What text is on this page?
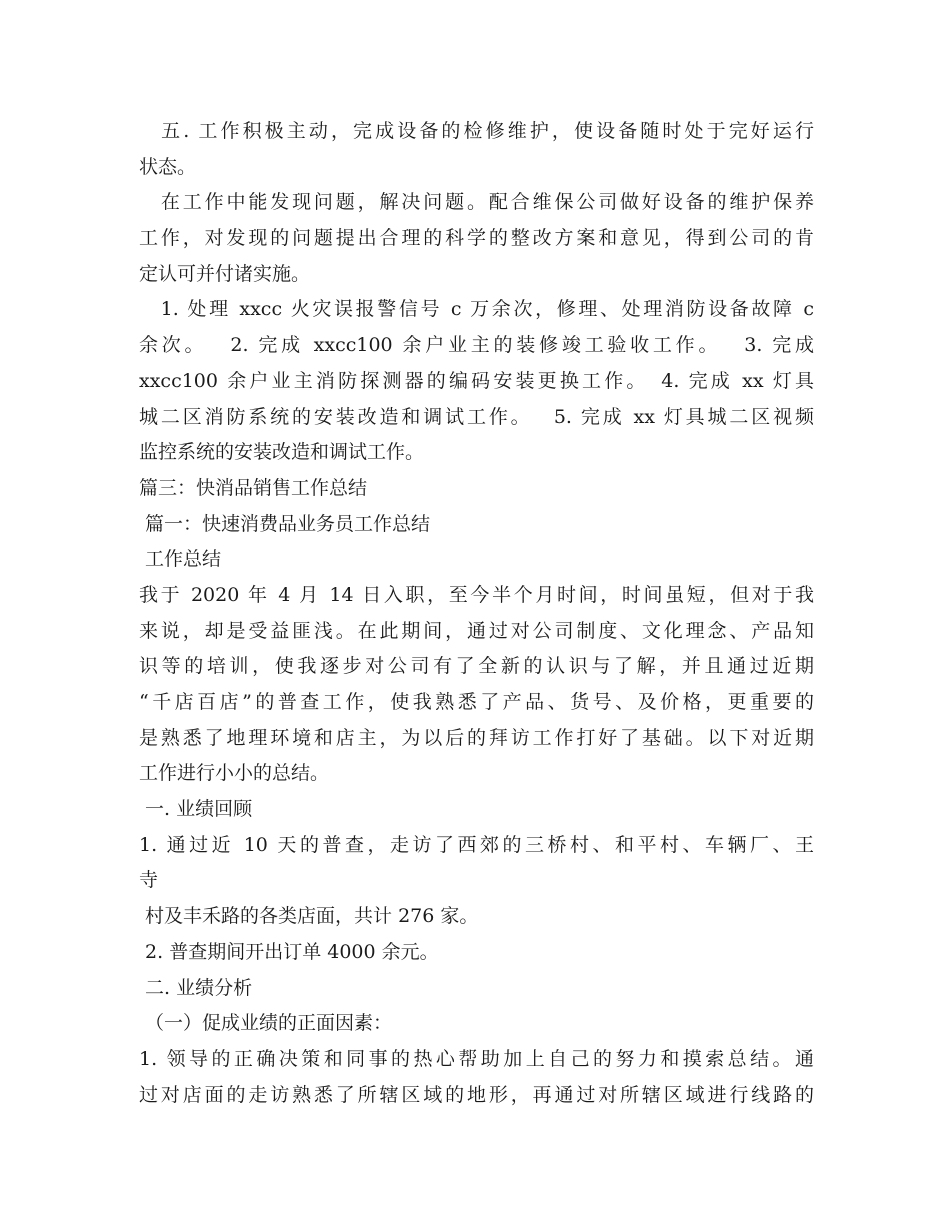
　五. 工作积极主动，完成设备的检修维护，使设备随时处于完好运行
状态。
　在工作中能发现问题，解决问题。配合维保公司做好设备的维护保养
工作，对发现的问题提出合理的科学的整改方案和意见，得到公司的肯
定认可并付诸实施。
　1. 处理 xxcc 火灾误报警信号 c 万余次，修理、处理消防设备故障 c
余次。　 2. 完成 xxcc100 余户业主的装修竣工验收工作。　 3. 完成
xxcc100 余户业主消防探测器的编码安装更换工作。　4. 完成 xx 灯具
城二区消防系统的安装改造和调试工作。　 5. 完成 xx 灯具城二区视频
监控系统的安装改造和调试工作。
篇三：快消品销售工作总结
篇一：快速消费品业务员工作总结
工作总结
我于 2020 年 4 月 14 日入职，至今半个月时间，时间虽短，但对于我
来说，却是受益匪浅。在此期间，通过对公司制度、文化理念、产品知
识等的培训，使我逐步对公司有了全新的认识与了解，并且通过近期
“千店百店”的普查工作，使我熟悉了产品、货号、及价格，更重要的
是熟悉了地理环境和店主，为以后的拜访工作打好了基础。以下对近期
工作进行小小的总结。
一. 业绩回顾
1. 通过近 10 天的普查，走访了西郊的三桥村、和平村、车辆厂、王
寺
村及丰禾路的各类店面，共计 276 家。
2. 普查期间开出订单 4000 余元。
二. 业绩分析
（一）促成业绩的正面因素：
1. 领导的正确决策和同事的热心帮助加上自己的努力和摸索总结。通
过对店面的走访熟悉了所辖区域的地形，再通过对所辖区域进行线路的
